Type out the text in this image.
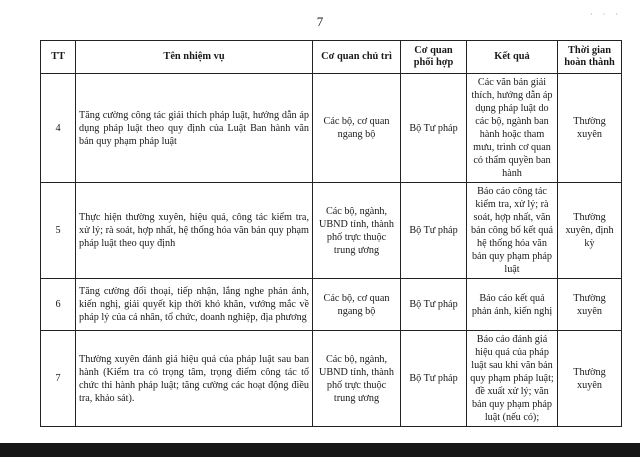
7	· · ·
TT	Tên nhiệm vụ	Cơ quan chủ trì	Cơ quan phối hợp	Kết quả	Thời gian hoàn thành
4	Tăng cường công tác giải thích pháp luật, hướng dẫn áp dụng pháp luật theo quy định của Luật Ban hành văn bản quy phạm pháp luật	Các bộ, cơ quan ngang bộ	Bộ Tư pháp	Các văn bản giải thích, hướng dẫn áp dụng pháp luật do các bộ, ngành ban hành hoặc tham mưu, trình cơ quan có thẩm quyền ban hành	Thường xuyên
5	Thực hiện thường xuyên, hiệu quả, công tác kiểm tra, xử lý; rà soát, hợp nhất, hệ thống hóa văn bản quy phạm pháp luật theo quy định	Các bộ, ngành, UBND tỉnh, thành phố trực thuộc trung ương	Bộ Tư pháp	Báo cáo công tác kiểm tra, xử lý; rà soát, hợp nhất, văn bản công bố kết quả hệ thống hóa văn bản quy phạm pháp luật	Thường xuyên, định kỳ
6	Tăng cường đối thoại, tiếp nhận, lắng nghe phản ánh, kiến nghị, giải quyết kịp thời khó khăn, vướng mắc về pháp lý của cá nhân, tổ chức, doanh nghiệp, địa phương	Các bộ, cơ quan ngang bộ	Bộ Tư pháp	Báo cáo kết quả phản ánh, kiến nghị	Thường xuyên
7	Thường xuyên đánh giá hiệu quả của pháp luật sau ban hành (Kiểm tra có trọng tâm, trọng điểm công tác tổ chức thi hành pháp luật; tăng cường các hoạt động điều tra, khảo sát).	Các bộ, ngành, UBND tỉnh, thành phố trực thuộc trung ương	Bộ Tư pháp	Báo cáo đánh giá hiệu quả của pháp luật sau khi văn bản quy phạm pháp luật; đề xuất xử lý; văn bản quy phạm pháp luật (nếu có);	Thường xuyên
